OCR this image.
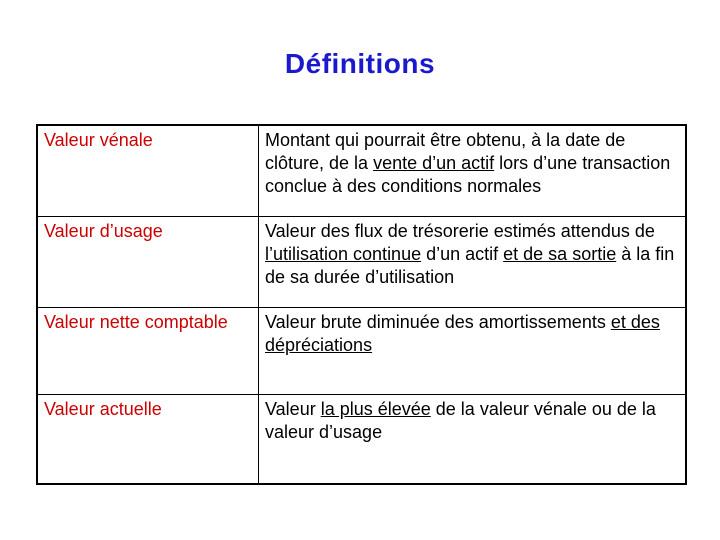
Définitions
Valeur vénale	Montant qui pourrait être obtenu, à la date de clôture, de la vente d’un actif lors d’une transaction conclue à des conditions normales
Valeur d’usage	Valeur des flux de trésorerie estimés attendus de l’utilisation continue d’un actif et de sa sortie à la fin de sa durée d’utilisation
Valeur nette comptable	Valeur brute diminuée des amortissements et des dépréciations
Valeur actuelle	Valeur la plus élevée de la valeur vénale ou de la valeur d’usage
